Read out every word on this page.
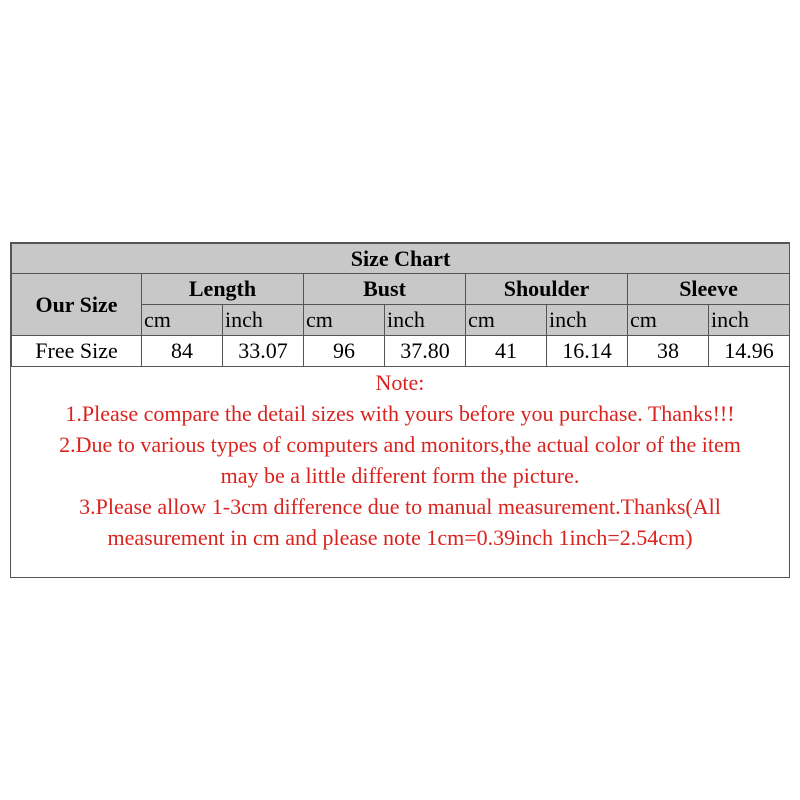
Size Chart								
Our Size	Length		Bust		Shoulder		Sleeve	
	cm	inch	cm	inch	cm	inch	cm	inch
Free Size	84	33.07	96	37.80	41	16.14	38	14.96
Note:
1.Please compare the detail sizes with yours before you purchase. Thanks!!!
2.Due to various types of computers and monitors,the actual color of the item
may be a little different form the picture.
3.Please allow 1-3cm difference due to manual measurement.Thanks(All
measurement in cm and please note 1cm=0.39inch 1inch=2.54cm)
